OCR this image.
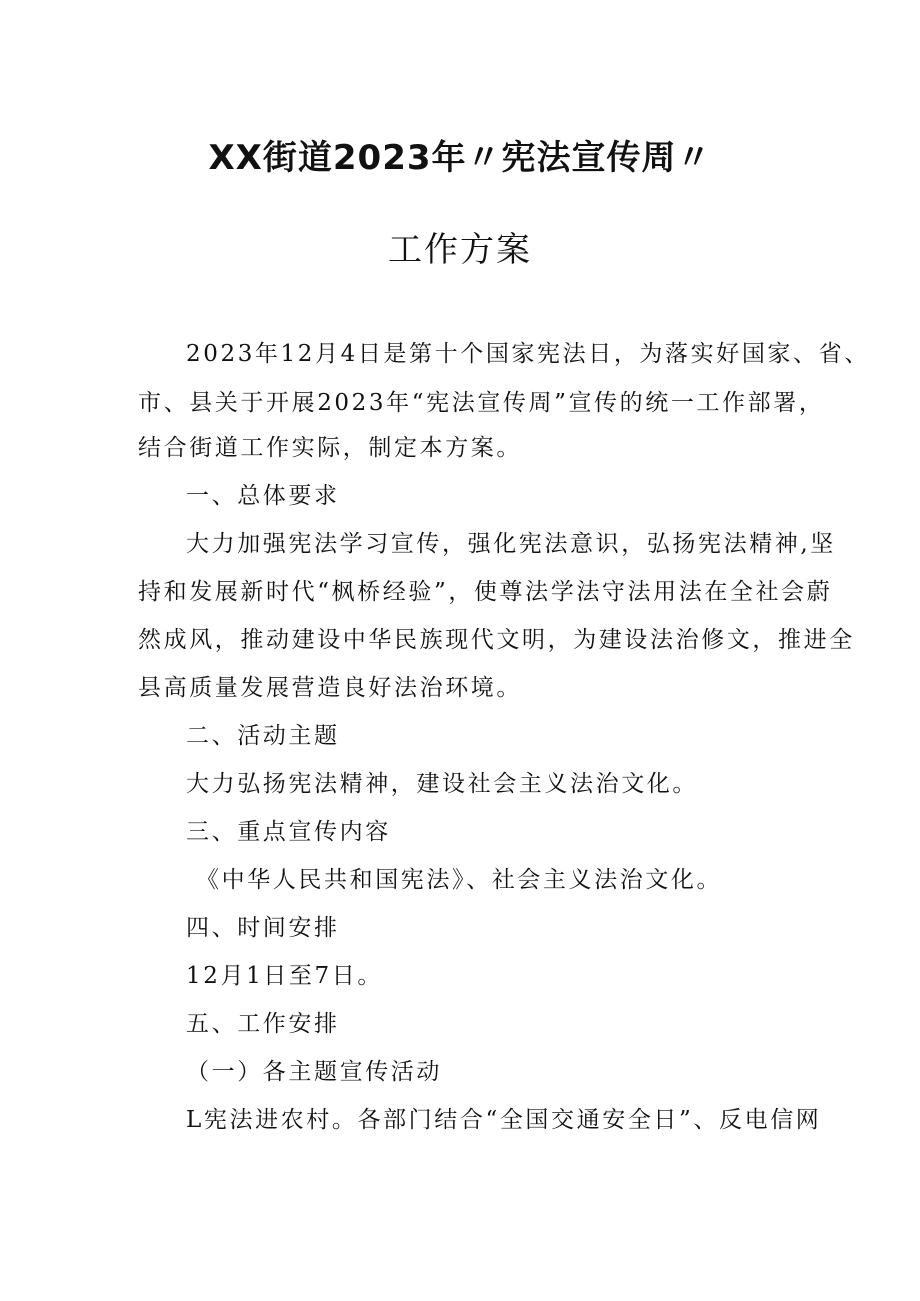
XX街道2023年〃宪法宣传周〃
工作方案
2023年12月4日是第十个国家宪法日，为落实好国家、省、
市、县关于开展2023年“宪法宣传周”宣传的统一工作部署，
结合街道工作实际，制定本方案。
一、总体要求
大力加强宪法学习宣传，强化宪法意识，弘扬宪法精神,坚
持和发展新时代“枫桥经验”，使尊法学法守法用法在全社会蔚
然成风，推动建设中华民族现代文明，为建设法治修文，推进全
县高质量发展营造良好法治环境。
二、活动主题
大力弘扬宪法精神，建设社会主义法治文化。
三、重点宣传内容
《中华人民共和国宪法》、社会主义法治文化。
四、时间安排
12月1日至7日。
五、工作安排
（一）各主题宣传活动
L宪法进农村。各部门结合“全国交通安全日”、反电信网
